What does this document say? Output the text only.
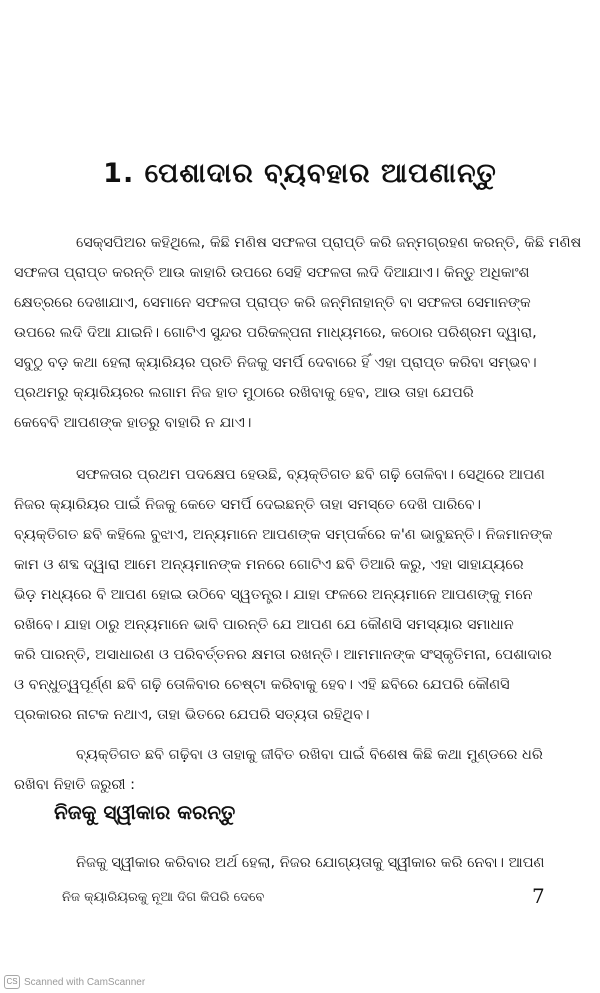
1. ପେଶାଦାର ବ୍ୟବହାର ଆପଣାନ୍ତୁ

ସେକ୍ସପିଅର କହିଥିଲେ, କିଛି ମଣିଷ ସଫଳତା ପ୍ରାପ୍ତି କରି ଜନ୍ମଗ୍ରହଣ କରନ୍ତି, କିଛି ମଣିଷ

ସଫଳତା ପ୍ରାପ୍ତ କରନ୍ତି ଆଉ କାହାରି ଉପରେ ସେହି ସଫଳତା ଲଦି ଦିଆଯାଏ। କିନ୍ତୁ ଅଧିକାଂଶ

କ୍ଷେତ୍ରରେ ଦେଖାଯାଏ, ସେମାନେ ସଫଳତା ପ୍ରାପ୍ତ କରି ଜନ୍ମିନାହାନ୍ତି ବା ସଫଳତା ସେମାନଙ୍କ

ଉପରେ ଲଦି ଦିଆ ଯାଇନି। ଗୋଟିଏ ସୁନ୍ଦର ପରିକଳ୍ପନା ମାଧ୍ୟମରେ, କଠୋର ପରିଶ୍ରମ ଦ୍ୱାରା,

ସବୁଠୁ ବଡ଼ କଥା ହେଲା କ୍ୟାରିୟର ପ୍ରତି ନିଜକୁ ସମର୍ପି ଦେବାରେ ହିଁ ଏହା ପ୍ରାପ୍ତ କରିବା ସମ୍ଭବ।

ପ୍ରଥମରୁ କ୍ୟାରିୟରର ଲଗାମ ନିଜ ହାତ ମୁଠାରେ ରଖିବାକୁ ହେବ, ଆଉ ତାହା ଯେପରି

କେବେବି ଆପଣଙ୍କ ହାତରୁ ବାହାରି ନ ଯାଏ।

ସଫଳତାର ପ୍ରଥମ ପଦକ୍ଷେପ ହେଉଛି, ବ୍ୟକ୍ତିଗତ ଛବି ଗଢ଼ି ତୋଳିବା। ସେଥିରେ ଆପଣ

ନିଜର କ୍ୟାରିୟର ପାଇଁ ନିଜକୁ କେତେ ସମର୍ପି ଦେଇଛନ୍ତି ତାହା ସମସ୍ତେ ଦେଖି ପାରିବେ।

ବ୍ୟକ୍ତିଗତ ଛବି କହିଲେ ବୁଝାଏ, ଅନ୍ୟମାନେ ଆପଣଙ୍କ ସମ୍ପର୍କରେ କ'ଣ ଭାବୁଛନ୍ତି। ନିଜମାନଙ୍କ

କାମ ଓ ଶବ୍ଦ ଦ୍ୱାରା ଆମେ ଅନ୍ୟମାନଙ୍କ ମନରେ ଗୋଟିଏ ଛବି ତିଆରି କରୁ, ଏହା ସାହାଯ୍ୟରେ

ଭିଡ଼ ମଧ୍ୟରେ ବି ଆପଣ ହୋଇ ଉଠିବେ ସ୍ୱତନ୍ତ୍ର। ଯାହା ଫଳରେ ଅନ୍ୟମାନେ ଆପଣଙ୍କୁ ମନେ

ରଖିବେ। ଯାହା ଠାରୁ ଅନ୍ୟମାନେ ଭାବି ପାରନ୍ତି ଯେ ଆପଣ ଯେ କୌଣସି ସମସ୍ୟାର ସମାଧାନ

କରି ପାରନ୍ତି, ଅସାଧାରଣ ଓ ପରିବର୍ତ୍ତନର କ୍ଷମତା ରଖନ୍ତି। ଆମମାନଙ୍କ ସଂସ୍କୃତିମନା, ପେଶାଦାର

ଓ ବନ୍ଧୁତ୍ୱପୂର୍ଣ୍ଣ ଛବି ଗଢ଼ି ତୋଳିବାର ଚେଷ୍ଟା କରିବାକୁ ହେବ। ଏହି ଛବିରେ ଯେପରି କୌଣସି

ପ୍ରକାରର ନାଟକ ନଥାଏ, ତାହା ଭିତରେ ଯେପରି ସତ୍ୟତା ରହିଥିବ।

ବ୍ୟକ୍ତିଗତ ଛବି ଗଢ଼ିବା ଓ ତାହାକୁ ଜୀବିତ ରଖିବା ପାଇଁ ବିଶେଷ କିଛି କଥା ମୁଣ୍ଡରେ ଧରି

ରଖିବା ନିହାତି ଜରୁରୀ :

ନିଜକୁ ସ୍ୱୀକାର କରିବାର ଅର୍ଥ ହେଲା, ନିଜର ଯୋଗ୍ୟତାକୁ ସ୍ୱୀକାର କରି ନେବା। ଆପଣ

ନିଜକୁ ସ୍ୱୀକାର କରନ୍ତୁ
ନିଜ କ୍ୟାରିୟରକୁ ନୂଆ ଦିଗ କିପରି ଦେବେ	7
CS Scanned with CamScanner
